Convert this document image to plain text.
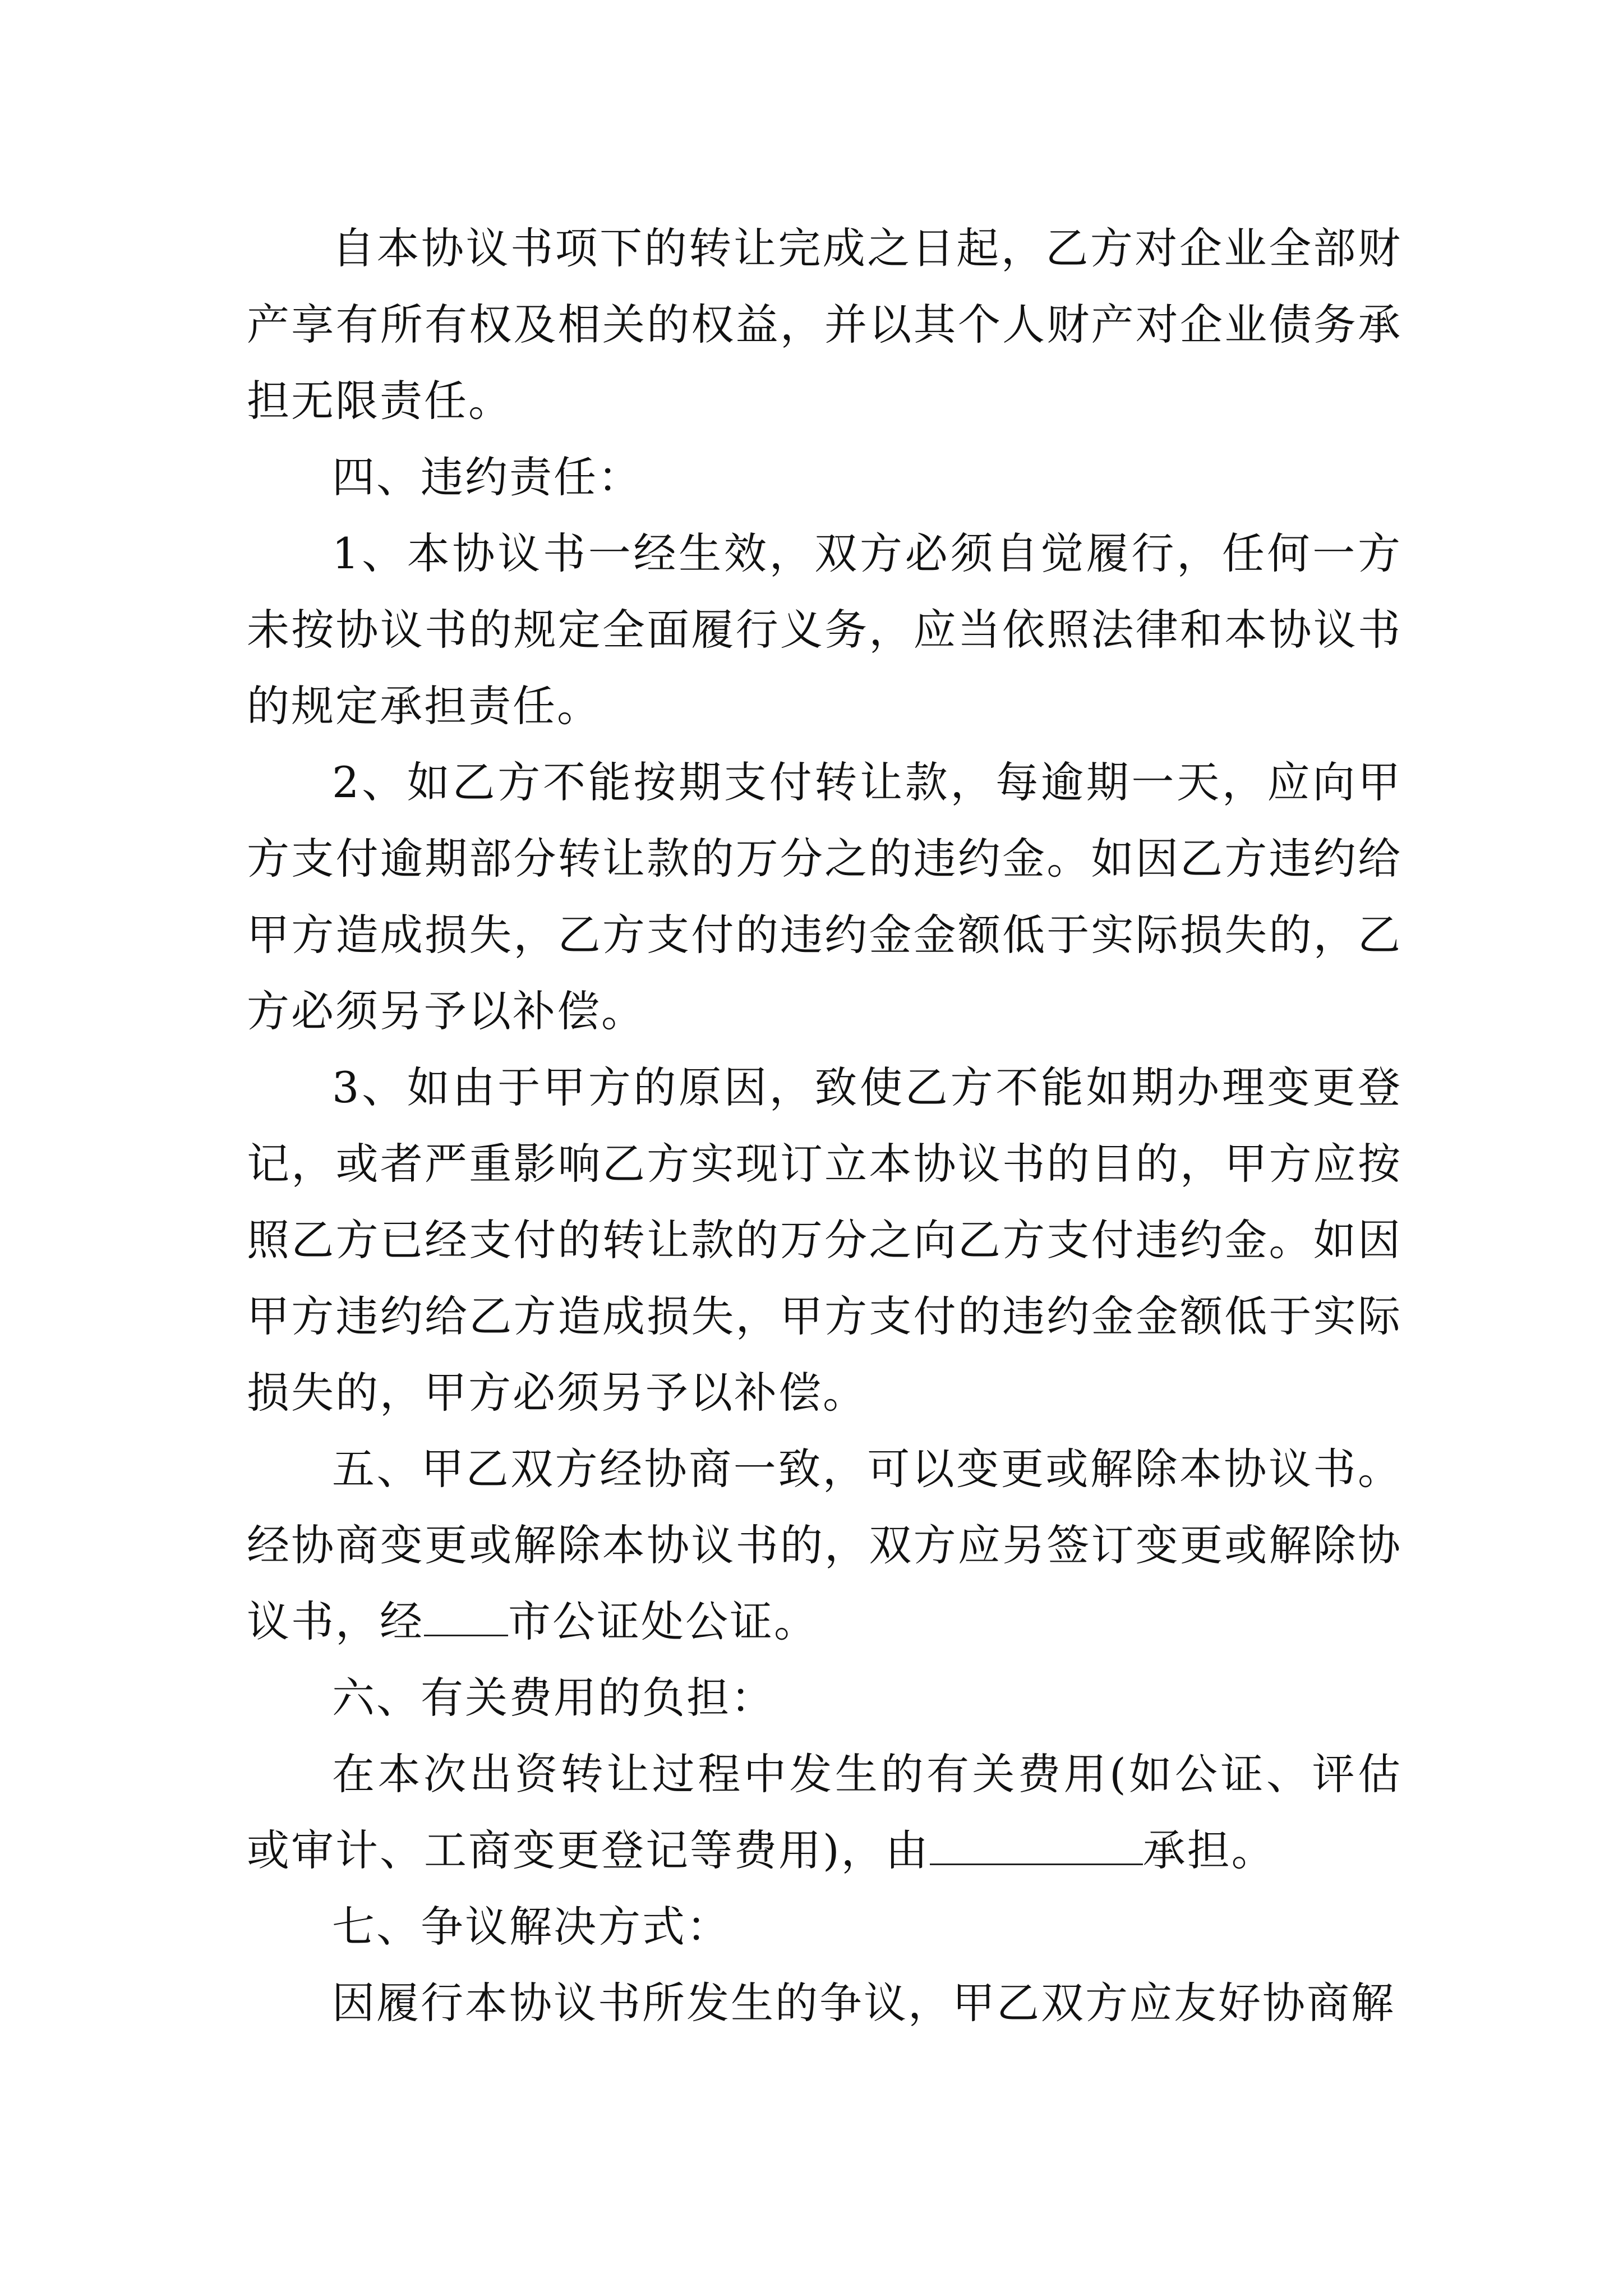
自本协议书项下的转让完成之日起，乙方对企业全部财产享有所有权及相关的权益，并以其个人财产对企业债务承担无限责任。

四、违约责任：

1、本协议书一经生效，双方必须自觉履行，任何一方未按协议书的规定全面履行义务，应当依照法律和本协议书的规定承担责任。

2、如乙方不能按期支付转让款，每逾期一天，应向甲方支付逾期部分转让款的万分之的违约金。如因乙方违约给甲方造成损失，乙方支付的违约金金额低于实际损失的，乙方必须另予以补偿。

3、如由于甲方的原因，致使乙方不能如期办理变更登记，或者严重影响乙方实现订立本协议书的目的，甲方应按照乙方已经支付的转让款的万分之向乙方支付违约金。如因甲方违约给乙方造成损失，甲方支付的违约金金额低于实际损失的，甲方必须另予以补偿。

五、甲乙双方经协商一致，可以变更或解除本协议书。经协商变更或解除本协议书的，双方应另签订变更或解除协议书，经 市公证处公证。

六、有关费用的负担：

在本次出资转让过程中发生的有关费用(如公证、评估或审计、工商变更登记等费用)，由	承担。

七、争议解决方式：

因履行本协议书所发生的争议，甲乙双方应友好协商解
